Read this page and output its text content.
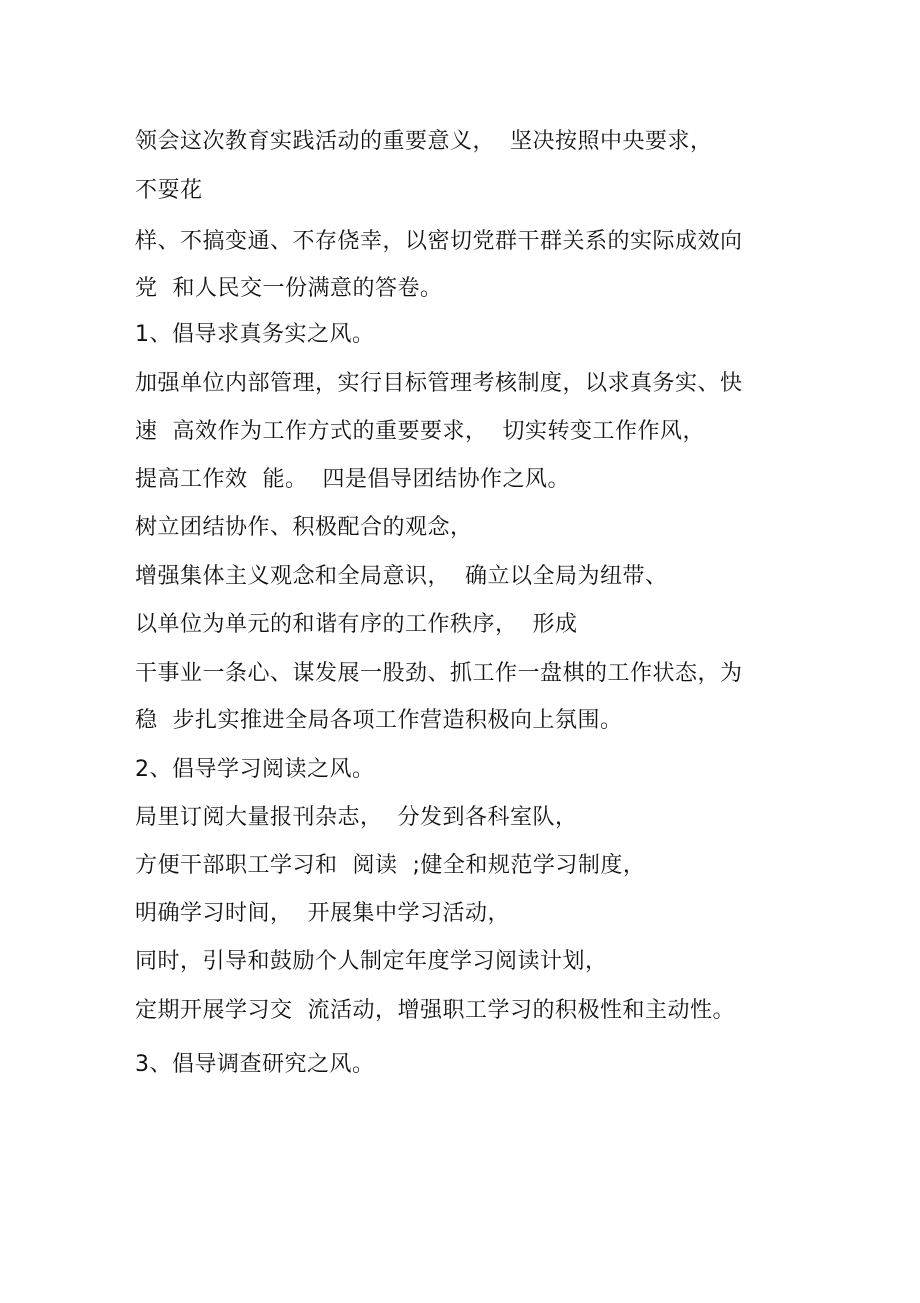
领会这次教育实践活动的重要意义，  坚决按照中央要求，
不耍花
样、不搞变通、不存侥幸，以密切党群干群关系的实际成效向
党  和人民交一份满意的答卷。
1、倡导求真务实之风。
加强单位内部管理，实行目标管理考核制度，以求真务实、快
速  高效作为工作方式的重要要求，  切实转变工作作风，
提高工作效  能。  四是倡导团结协作之风。
树立团结协作、积极配合的观念，
增强集体主义观念和全局意识，  确立以全局为纽带、
以单位为单元的和谐有序的工作秩序，  形成
干事业一条心、谋发展一股劲、抓工作一盘棋的工作状态，为
稳  步扎实推进全局各项工作营造积极向上氛围。
2、倡导学习阅读之风。
局里订阅大量报刊杂志，  分发到各科室队，
方便干部职工学习和  阅读  ;健全和规范学习制度，
明确学习时间，  开展集中学习活动，
同时，引导和鼓励个人制定年度学习阅读计划，
定期开展学习交  流活动，增强职工学习的积极性和主动性。
3、倡导调查研究之风。
